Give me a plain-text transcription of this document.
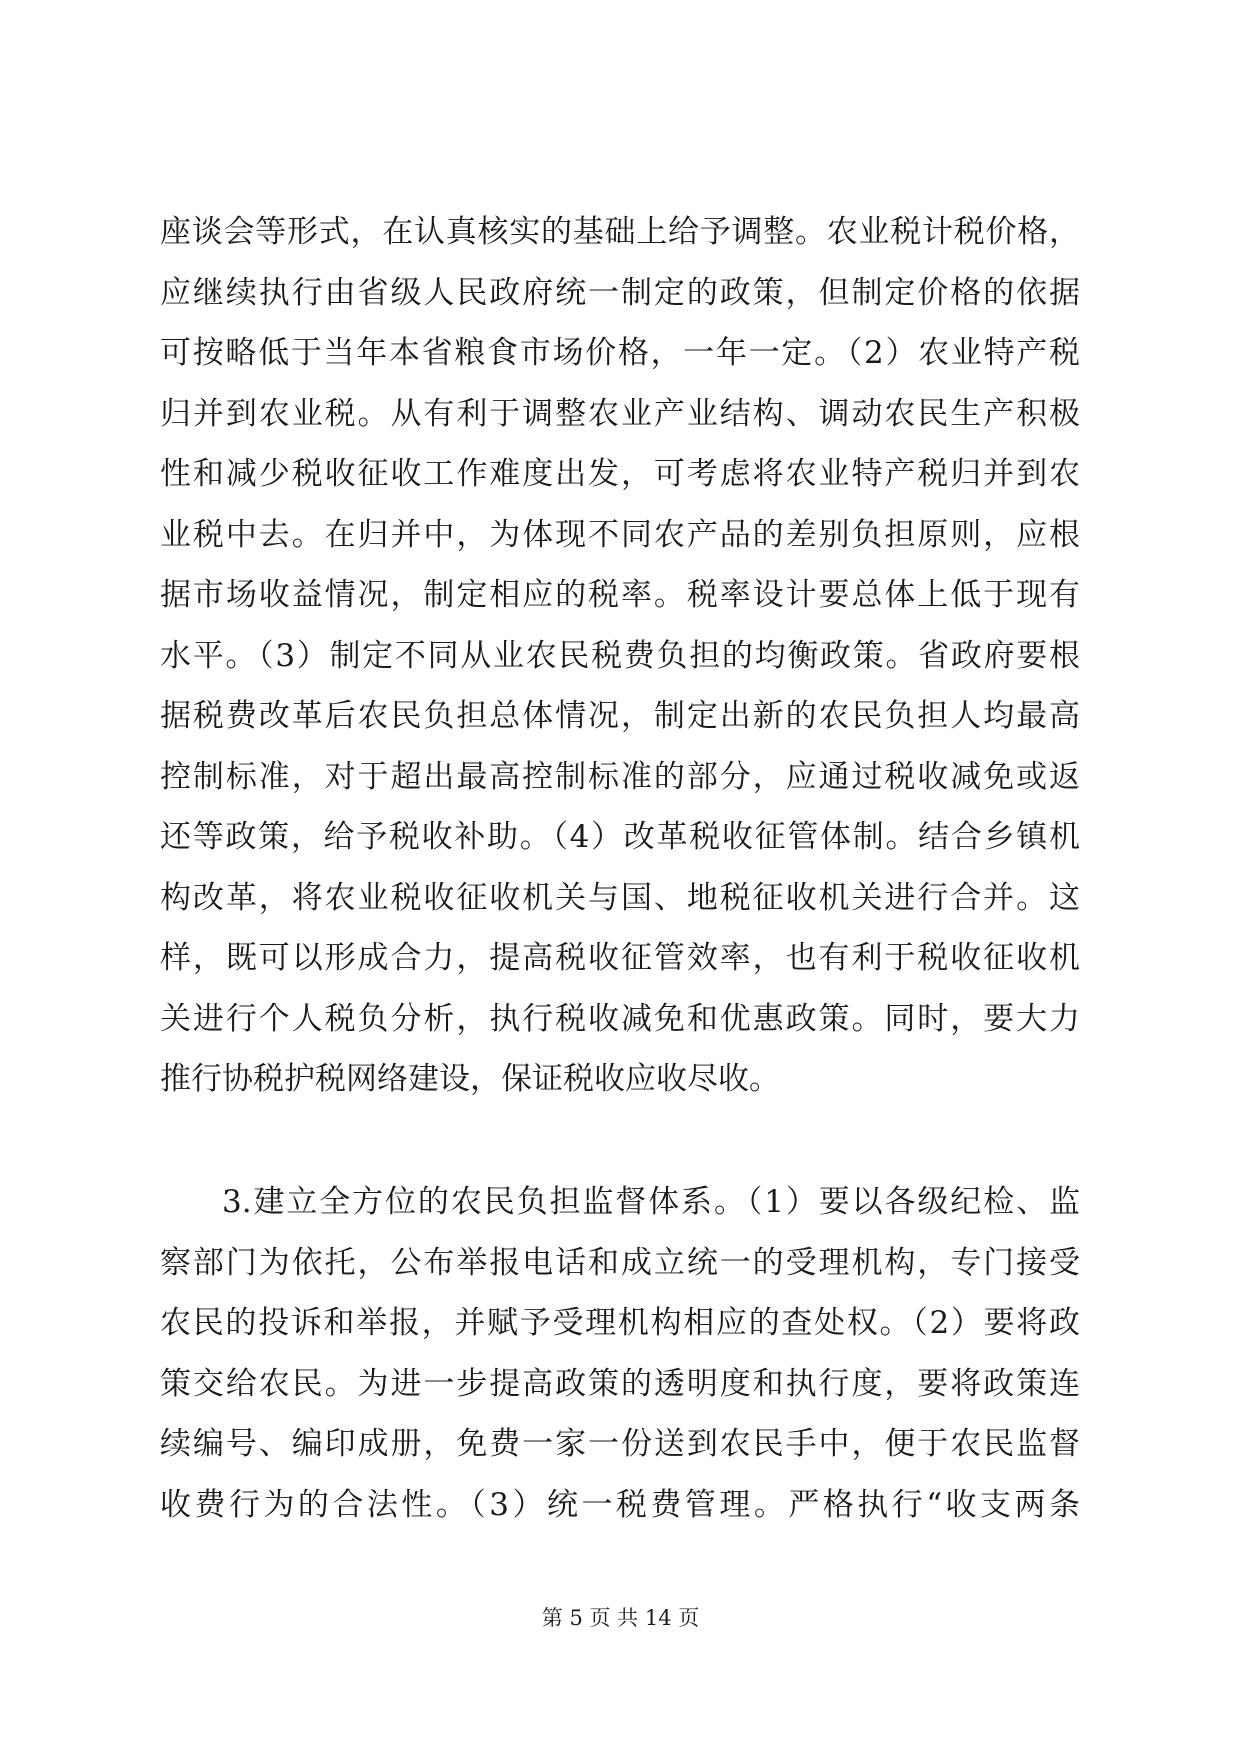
座谈会等形式，在认真核实的基础上给予调整。农业税计税价格，
应继续执行由省级人民政府统一制定的政策，但制定价格的依据
可按略低于当年本省粮食市场价格，一年一定。（2）农业特产税
归并到农业税。从有利于调整农业产业结构、调动农民生产积极
性和减少税收征收工作难度出发，可考虑将农业特产税归并到农
业税中去。在归并中，为体现不同农产品的差别负担原则，应根
据市场收益情况，制定相应的税率。税率设计要总体上低于现有
水平。（3）制定不同从业农民税费负担的均衡政策。省政府要根
据税费改革后农民负担总体情况，制定出新的农民负担人均最高
控制标准，对于超出最高控制标准的部分，应通过税收减免或返
还等政策，给予税收补助。（4）改革税收征管体制。结合乡镇机
构改革，将农业税收征收机关与国、地税征收机关进行合并。这
样，既可以形成合力，提高税收征管效率，也有利于税收征收机
关进行个人税负分析，执行税收减免和优惠政策。同时，要大力
推行协税护税网络建设，保证税收应收尽收。
3.建立全方位的农民负担监督体系。（1）要以各级纪检、监
察部门为依托，公布举报电话和成立统一的受理机构，专门接受
农民的投诉和举报，并赋予受理机构相应的查处权。（2）要将政
策交给农民。为进一步提高政策的透明度和执行度，要将政策连
续编号、编印成册，免费一家一份送到农民手中，便于农民监督
收费行为的合法性。（3）统一税费管理。严格执行“收支两条
第 5 页 共 14 页
